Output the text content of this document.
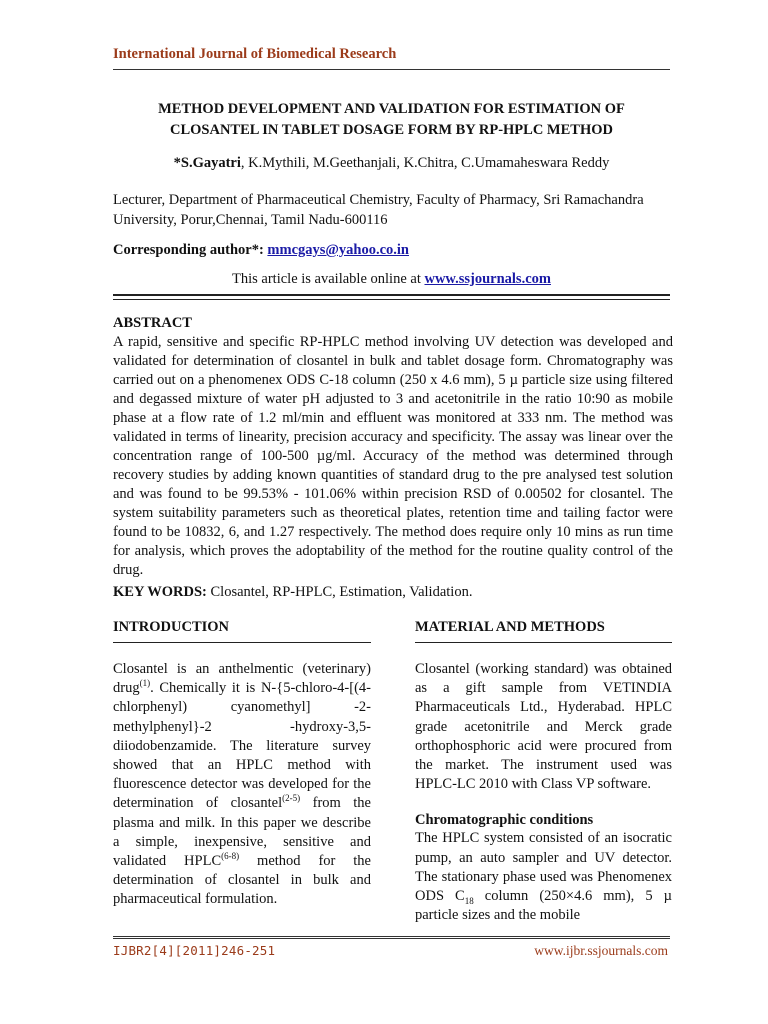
International Journal of Biomedical Research
METHOD DEVELOPMENT AND VALIDATION FOR ESTIMATION OF
CLOSANTEL IN TABLET DOSAGE FORM BY RP-HPLC METHOD
*S.Gayatri, K.Mythili, M.Geethanjali, K.Chitra, C.Umamaheswara Reddy
Lecturer, Department of Pharmaceutical Chemistry, Faculty of Pharmacy, Sri Ramachandra University, Porur,Chennai, Tamil Nadu-600116
Corresponding author*: mmcgays@yahoo.co.in
This article is available online at www.ssjournals.com
ABSTRACT
A rapid, sensitive and specific RP-HPLC method involving UV detection was developed and validated for determination of closantel in bulk and tablet dosage form. Chromatography was carried out on a phenomenex ODS C-18 column (250 x 4.6 mm), 5 µ particle size using filtered and degassed mixture of water pH adjusted to 3 and acetonitrile in the ratio 10:90 as mobile phase at a flow rate of 1.2 ml/min and effluent was monitored at 333 nm. The method was validated in terms of linearity, precision accuracy and specificity. The assay was linear over the concentration range of 100-500 µg/ml. Accuracy of the method was determined through recovery studies by adding known quantities of standard drug to the pre analysed test solution and was found to be 99.53% - 101.06% within precision RSD of 0.00502 for closantel. The system suitability parameters such as theoretical plates, retention time and tailing factor were found to be 10832, 6, and 1.27 respectively. The method does require only 10 mins as run time for analysis, which proves the adoptability of the method for the routine quality control of the drug.
KEY WORDS: Closantel, RP-HPLC, Estimation, Validation.
INTRODUCTION
Closantel is an anthelmentic (veterinary) drug$^{(1)}$. Chemically it is N-{5-chloro-4-[(4-chlorphenyl) cyanomethyl] -2-methylphenyl}-2 -hydroxy-3,5-diiodobenzamide. The literature survey showed that an HPLC method with fluorescence detector was developed for the determination of closantel$^{(2-5)}$ from the plasma and milk. In this paper we describe a simple, inexpensive, sensitive and validated HPLC$^{(6-8)}$ method for the determination of closantel in bulk and pharmaceutical formulation.
MATERIAL AND METHODS
Closantel (working standard) was obtained as a gift sample from VETINDIA Pharmaceuticals Ltd., Hyderabad. HPLC grade acetonitrile and Merck grade orthophosphoric acid were procured from the market. The instrument used was HPLC-LC 2010 with Class VP software.
Chromatographic conditions
The HPLC system consisted of an isocratic pump, an auto sampler and UV detector. The stationary phase used was Phenomenex ODS $C_{18}$ column (250×4.6 mm), 5 µ particle sizes and the mobile
IJBR2[4][2011]246-251	www.ijbr.ssjournals.com
